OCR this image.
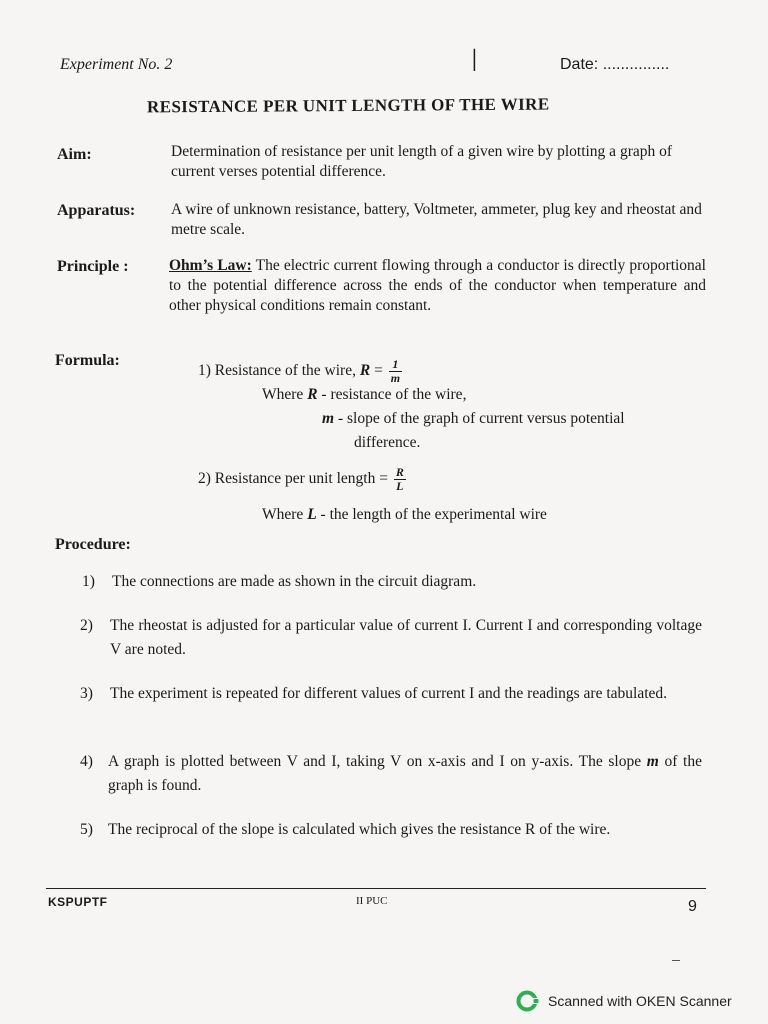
Experiment No. 2	I	Date: ...............
RESISTANCE PER UNIT LENGTH OF THE WIRE
Aim:	Determination of resistance per unit length of a given wire by plotting a graph of current verses potential difference.
Apparatus: A wire of unknown resistance, battery, Voltmeter, ammeter, plug key and rheostat and metre scale.
Principle :	Ohm’s Law: The electric current flowing through a conductor is directly proportional to the potential difference across the ends of the conductor when temperature and other physical conditions remain constant.
Formula:
1) Resistance of the wire, $R = \frac{1}{m}$
Where R - resistance of the wire,
m - slope of the graph of current versus potential
difference.
2) Resistance per unit length = $\frac{R}{L}$
Where L - the length of the experimental wire
Procedure:
1) The connections are made as shown in the circuit diagram.
2) The rheostat is adjusted for a particular value of current I. Current I and corresponding voltage V are noted.
3) The experiment is repeated for different values of current I and the readings are tabulated.
4) A graph is plotted between V and I, taking V on x-axis and I on y-axis. The slope m of the graph is found.
5) The reciprocal of the slope is calculated which gives the resistance R of the wire.
KSPUPTF	II PUC	9
Scanned with OKEN Scanner
